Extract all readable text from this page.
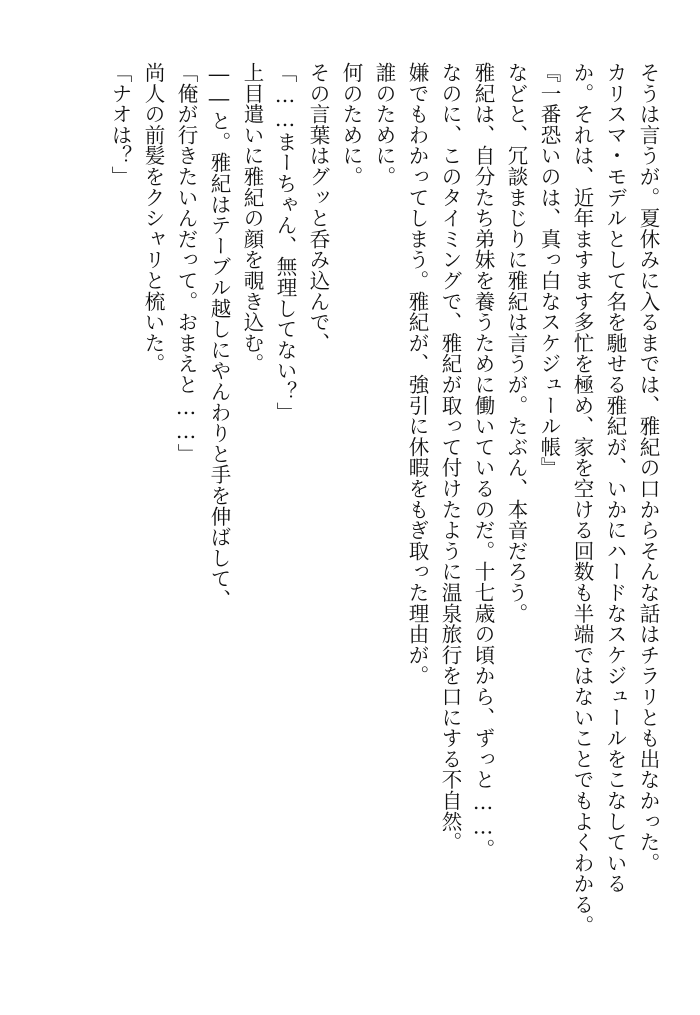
そうは言うが。夏休みに入るまでは、雅紀の口からそんな話はチラリとも出なかった。
カリスマ・モデルとして名を馳せる雅紀が、いかにハードなスケジュールをこなしている
か。それは、近年ますます多忙を極め、家を空ける回数も半端ではないことでもよくわかる。
『一番恐いのは、真っ白なスケジュール帳』
などと、冗談まじりに雅紀は言うが。たぶん、本音だろう。
雅紀は、自分たち弟妹を養うために働いているのだ。十七歳の頃から、ずっと……。
なのに、このタイミングで、雅紀が取って付けたように温泉旅行を口にする不自然。
嫌でもわかってしまう。雅紀が、強引に休暇をもぎ取った理由が。
誰のために。
何のために。
その言葉はグッと呑み込んで、
「……まーちゃん、無理してない？」
上目遣いに雅紀の顔を覗き込む。
――と。雅紀はテーブル越しにやんわりと手を伸ばして、
「俺が行きたいんだって。おまえと……」
尚人の前髪をクシャリと梳いた。
「ナオは？」
